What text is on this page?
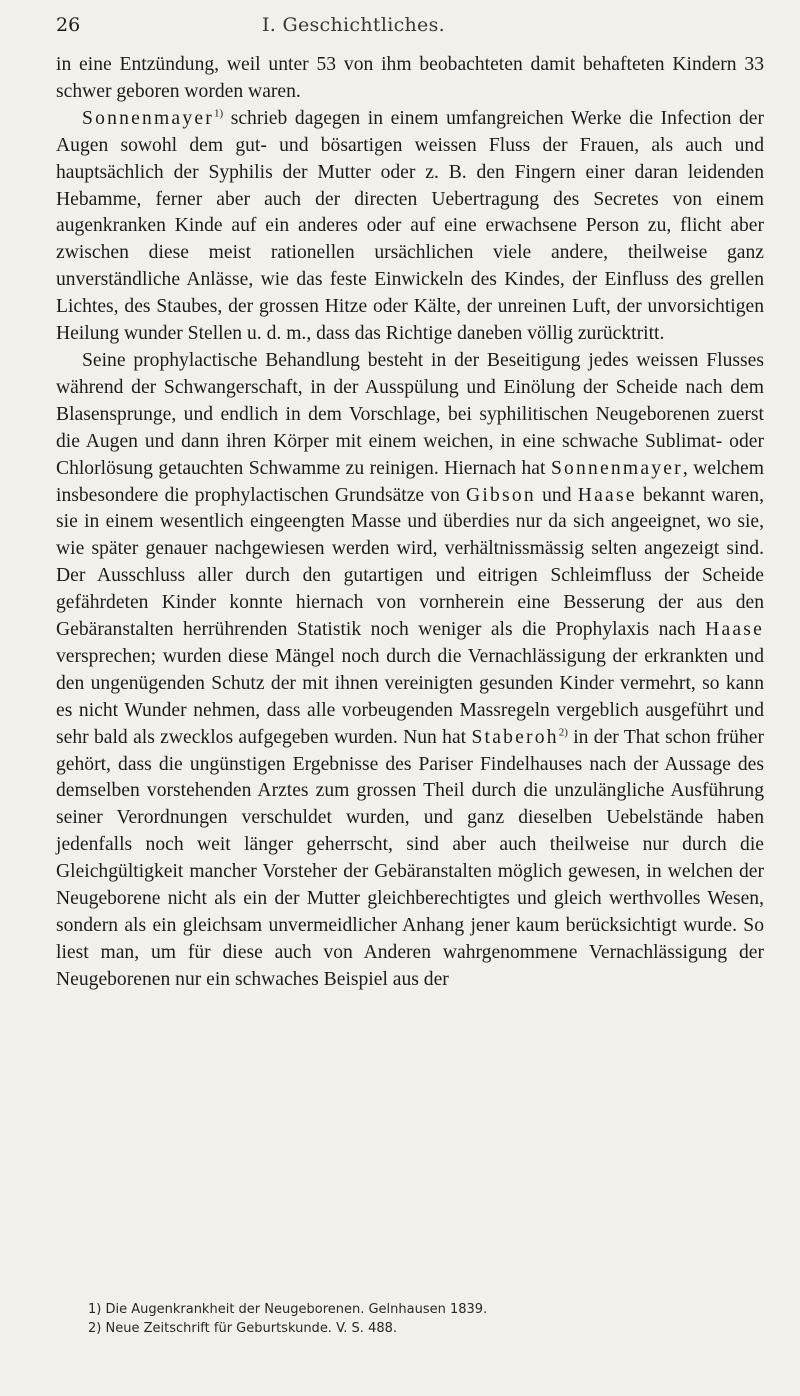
26	I. Geschichtliches.

in eine Entzündung, weil unter 53 von ihm beobachteten damit behafteten Kindern 33 schwer geboren worden waren.

Sonnenmayer$^{1)}$ schrieb dagegen in einem umfangreichen Werke die Infection der Augen sowohl dem gut- und bösartigen weissen Fluss der Frauen, als auch und hauptsächlich der Syphilis der Mutter oder z. B. den Fingern einer daran leidenden Hebamme, ferner aber auch der directen Uebertragung des Secretes von einem augenkranken Kinde auf ein anderes oder auf eine erwachsene Person zu, flicht aber zwischen diese meist rationellen ursächlichen viele andere, theilweise ganz unverständliche Anlässe, wie das feste Einwickeln des Kindes, der Einfluss des grellen Lichtes, des Staubes, der grossen Hitze oder Kälte, der unreinen Luft, der unvorsichtigen Heilung wunder Stellen u. d. m., dass das Richtige daneben völlig zurücktritt.

Seine prophylactische Behandlung besteht in der Beseitigung jedes weissen Flusses während der Schwangerschaft, in der Ausspülung und Einölung der Scheide nach dem Blasensprunge, und endlich in dem Vorschlage, bei syphilitischen Neugeborenen zuerst die Augen und dann ihren Körper mit einem weichen, in eine schwache Sublimat- oder Chlorlösung getauchten Schwamme zu reinigen. Hiernach hat Sonnenmayer, welchem insbesondere die prophylactischen Grundsätze von Gibson und Haase bekannt waren, sie in einem wesentlich eingeengten Masse und überdies nur da sich angeeignet, wo sie, wie später genauer nachgewiesen werden wird, verhältnissmässig selten angezeigt sind. Der Ausschluss aller durch den gutartigen und eitrigen Schleimfluss der Scheide gefährdeten Kinder konnte hiernach von vornherein eine Besserung der aus den Gebäranstalten herrührenden Statistik noch weniger als die Prophylaxis nach Haase versprechen; wurden diese Mängel noch durch die Vernachlässigung der erkrankten und den ungenügenden Schutz der mit ihnen vereinigten gesunden Kinder vermehrt, so kann es nicht Wunder nehmen, dass alle vorbeugenden Massregeln vergeblich ausgeführt und sehr bald als zwecklos aufgegeben wurden. Nun hat Staberoh$^{2)}$ in der That schon früher gehört, dass die ungünstigen Ergebnisse des Pariser Findelhauses nach der Aussage des demselben vorstehenden Arztes zum grossen Theil durch die unzulängliche Ausführung seiner Verordnungen verschuldet wurden, und ganz dieselben Uebelstände haben jedenfalls noch weit länger geherrscht, sind aber auch theilweise nur durch die Gleichgültigkeit mancher Vorsteher der Gebäranstalten möglich gewesen, in welchen der Neugeborene nicht als ein der Mutter gleichberechtigtes und gleich werthvolles Wesen, sondern als ein gleichsam unvermeidlicher Anhang jener kaum berücksichtigt wurde. So liest man, um für diese auch von Anderen wahrgenommene Vernachlässigung der Neugeborenen nur ein schwaches Beispiel aus der

1) Die Augenkrankheit der Neugeborenen. Gelnhausen 1839.
2) Neue Zeitschrift für Geburtskunde. V. S. 488.
